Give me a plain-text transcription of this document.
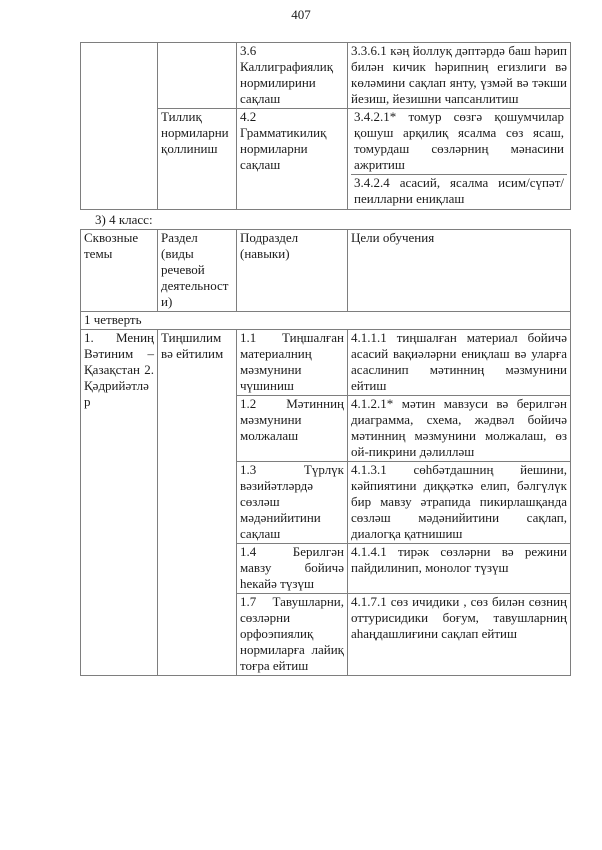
407
		3.6 Каллиграфиялиқ нормилирини сақлаш	3.3.6.1 кәң йоллуқ дәптәрдә баш һәрип билән кичик һәрипниң егизлиги вә көләмини сақлап янту, үзмәй вә тәкши йезиш, йезишни чапсанлитиш
	Тиллиқ нормиларни қоллиниш	4.2 Грамматикилиқ нормиларни сақлаш	3.4.2.1* томур сөзгә қошумчилар қошуш арқилиқ ясалма сөз ясаш, томурдаш сөзләрниң мәнасини ажритиш
3.4.2.4 асасий, ясалма исим/сүпәт/пеилларни ениқлаш
3) 4 класс:
Сквозные темы	Раздел (виды речевой деятельности)	Подраздел (навыки)	Цели обучения
1 четверть			
1. Мениң Вәтиним – Қазақстан 2. Қәдрийәтләр	Тиңшилим вә ейтилим	1.1 Тиңшалған материалниң мәзмунини чүшиниш	4.1.1.1 тиңшалған материал бойичә асасий вақиәләрни ениқлаш вә уларға асаслинип мәтинниң мәзмунини ейтиш
		1.2 Мәтинниң мәзмунини молжалаш	4.1.2.1* мәтин мавзуси вә берилгән диаграмма, схема, жәдвәл бойичә мәтинниң мәзмунини молжалаш, өз ой-пикрини дәлилләш
		1.3 Түрлүк вәзийәтләрдә сөзләш мәдәнийитини сақлаш	4.1.3.1 сөһбәтдашниң йешини, кәйпиятини диққәткә елип, бәлгүлүк бир мавзу әтрапида пикирлашқанда сөзләш мәдәнийитини сақлап, диалогқа қатнишиш
		1.4 Берилгән мавзу бойичә һекайә түзүш	4.1.4.1 тирәк сөзләрни вә режини пайдилинип, монолог түзүш
		1.7 Тавушларни, сөзләрни орфоэпиялиқ нормиларға лайиқ тоғра ейтиш	4.1.7.1 сөз ичидики , сөз билән сөзниң оттурисидики боғум, тавушларниң аһаңдашлиғини сақлап ейтиш
